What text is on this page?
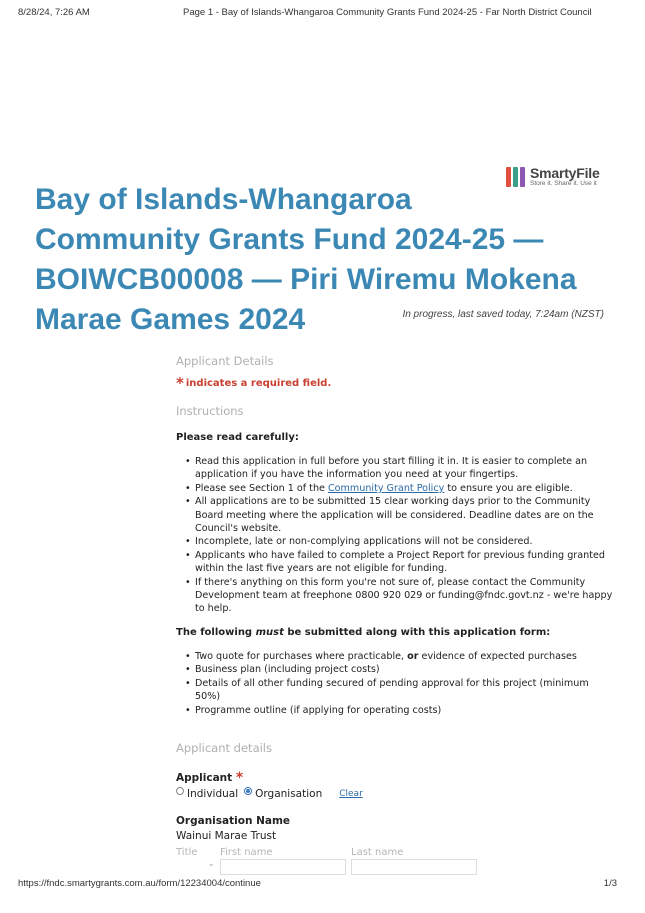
8/28/24, 7:26 AM	Page 1 - Bay of Islands-Whangaroa Community Grants Fund 2024-25 - Far North District Council
SmartyFile
Store it. Share it. Use it
Bay of Islands-Whangaroa
Community Grants Fund 2024-25 —
BOIWCB00008 — Piri Wiremu Mokena
Marae Games 2024	In progress, last saved today, 7:24am (NZST)
Applicant Details
* indicates a required field.
Instructions
Please read carefully:
• Read this application in full before you start filling it in. It is easier to complete an application if you have the information you need at your fingertips.
• Please see Section 1 of the Community Grant Policy to ensure you are eligible.
• All applications are to be submitted 15 clear working days prior to the Community Board meeting where the application will be considered. Deadline dates are on the Council's website.
• Incomplete, late or non-complying applications will not be considered.
• Applicants who have failed to complete a Project Report for previous funding granted within the last five years are not eligible for funding.
• If there's anything on this form you're not sure of, please contact the Community Development team at freephone 0800 920 029 or funding@fndc.govt.nz - we're happy to help.
The following must be submitted along with this application form:
• Two quote for purchases where practicable, or evidence of expected purchases
• Business plan (including project costs)
• Details of all other funding secured of pending approval for this project (minimum 50%)
• Programme outline (if applying for operating costs)
Applicant details
Applicant *
Individual	Organisation Clear
Organisation Name
Wainui Marae Trust
Title	First name	Last name
⌄
https://fndc.smartygrants.com.au/form/12234004/continue	1/3
